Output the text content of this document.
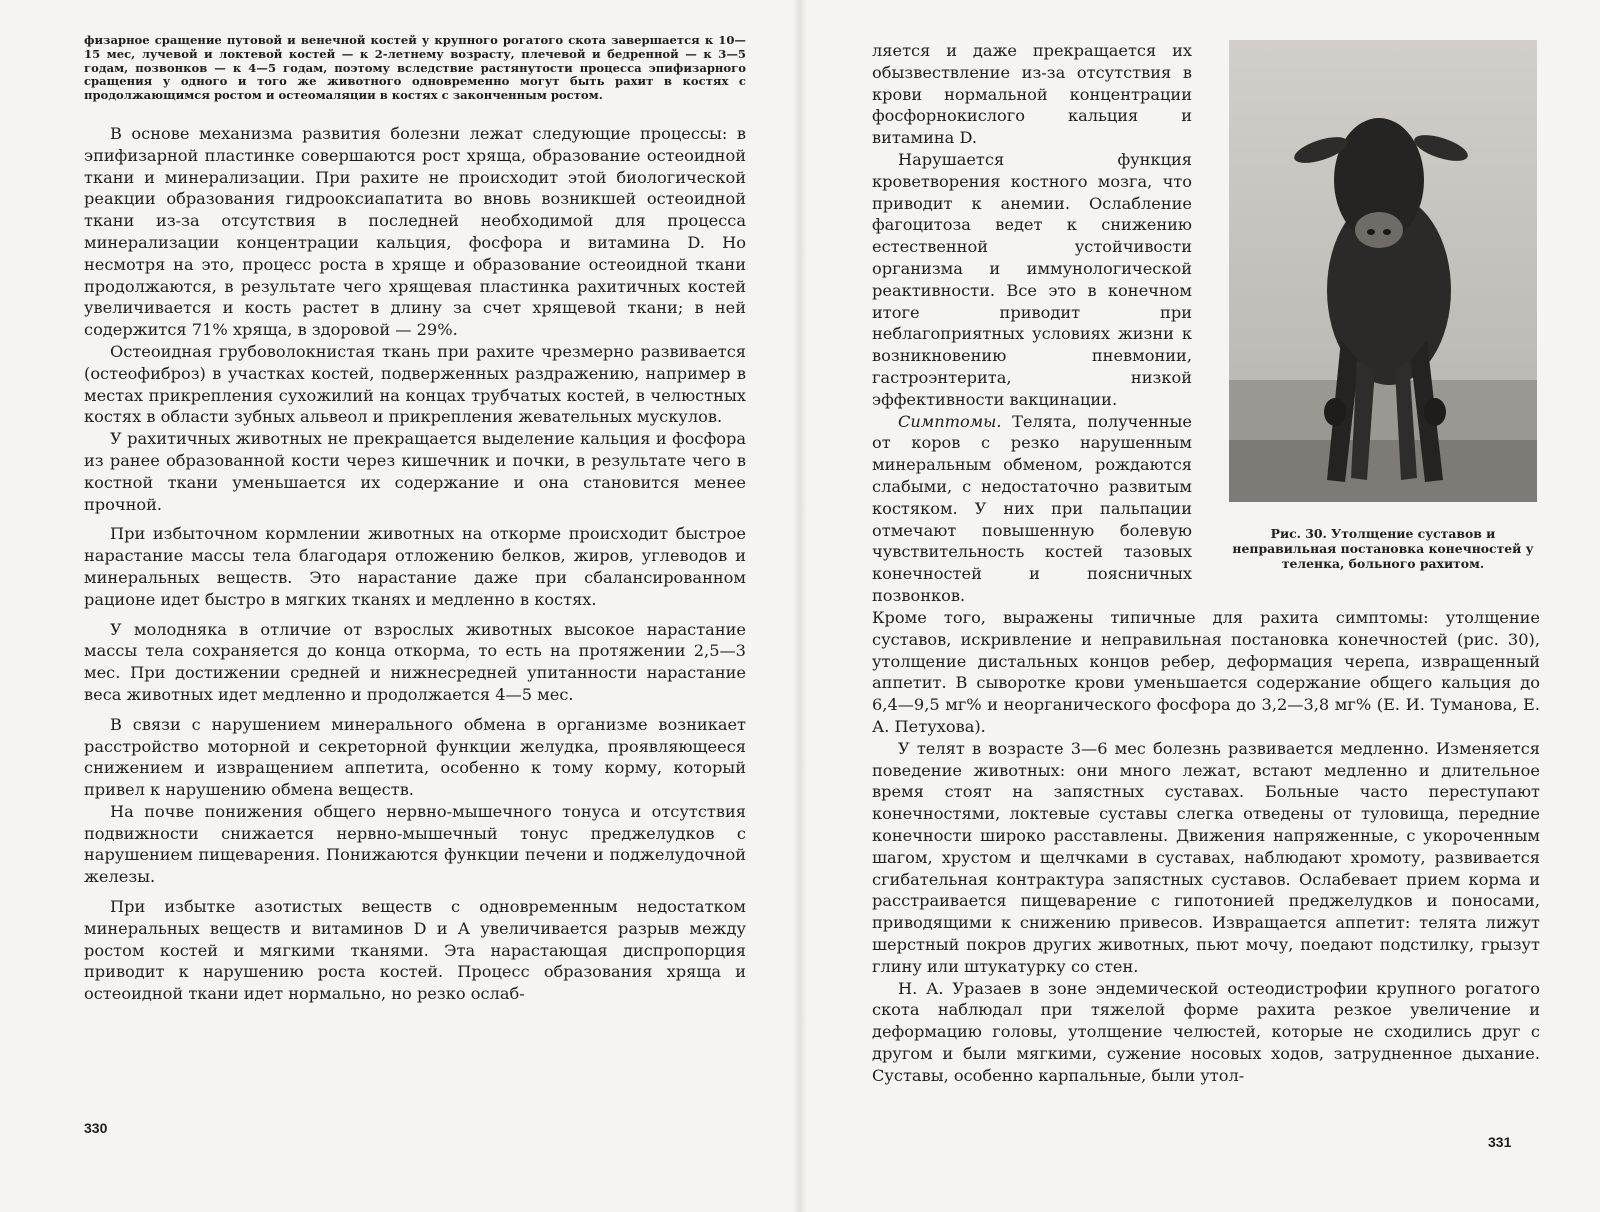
физарное сращение путовой и венечной костей у крупного рогатого скота завершается к 10—15 мес, лучевой и локтевой костей — к 2-летнему возрасту, плечевой и бедренной — к 3—5 годам, позвонков — к 4—5 годам, поэтому вследствие растянутости процесса эпифизарного сращения у одного и того же животного одновременно могут быть рахит в костях с продолжающимся ростом и остеомаляции в костях с законченным ростом.

В основе механизма развития болезни лежат следующие процессы: в эпифизарной пластинке совершаются рост хряща, образование остеоидной ткани и минерализации. При рахите не происходит этой биологической реакции образования гидрооксиапатита во вновь возникшей остеоидной ткани из-за отсутствия в последней необходимой для процесса минерализации концентрации кальция, фосфора и витамина D. Но несмотря на это, процесс роста в хряще и образование остеоидной ткани продолжаются, в результате чего хрящевая пластинка рахитичных костей увеличивается и кость растет в длину за счет хрящевой ткани; в ней содержится 71% хряща, в здоровой — 29%.

Остеоидная грубоволокнистая ткань при рахите чрезмерно развивается (остеофиброз) в участках костей, подверженных раздражению, например в местах прикрепления сухожилий на концах трубчатых костей, в челюстных костях в области зубных альвеол и прикрепления жевательных мускулов.

У рахитичных животных не прекращается выделение кальция и фосфора из ранее образованной кости через кишечник и почки, в результате чего в костной ткани уменьшается их содержание и она становится менее прочной.

При избыточном кормлении животных на откорме происходит быстрое нарастание массы тела благодаря отложению белков, жиров, углеводов и минеральных веществ. Это нарастание даже при сбалансированном рационе идет быстро в мягких тканях и медленно в костях.

У молодняка в отличие от взрослых животных высокое нарастание массы тела сохраняется до конца откорма, то есть на протяжении 2,5—3 мес. При достижении средней и нижнесредней упитанности нарастание веса животных идет медленно и продолжается 4—5 мес.

В связи с нарушением минерального обмена в организме возникает расстройство моторной и секреторной функции желудка, проявляющееся снижением и извращением аппетита, особенно к тому корму, который привел к нарушению обмена веществ.

На почве понижения общего нервно-мышечного тонуса и отсутствия подвижности снижается нервно-мышечный тонус преджелудков с нарушением пищеварения. Понижаются функции печени и поджелудочной железы.

При избытке азотистых веществ с одновременным недостатком минеральных веществ и витаминов D и А увеличивается разрыв между ростом костей и мягкими тканями. Эта нарастающая диспропорция приводит к нарушению роста костей. Процесс образования хряща и остеоидной ткани идет нормально, но резко ослаб-

330

ляется и даже прекращается их обызвествление из-за отсутствия в крови нормальной концентрации фосфорнокислого кальция и витамина D.

Нарушается функция кроветворения костного мозга, что приводит к анемии. Ослабление фагоцитоза ведет к снижению естественной устойчивости организма и иммунологической реактивности. Все это в конечном итоге приводит при неблагоприятных условиях жизни к возникновению пневмонии, гастроэнтерита, низкой эффективности вакцинации.

Симптомы. Телята, полученные от коров с резко нарушенным минеральным обменом, рождаются слабыми, с недостаточно развитым костяком. У них при пальпации отмечают повышенную болевую чувствительность костей тазовых конечностей и поясничных позвонков.

Рис. 30. Утолщение суставов и неправильная постановка конечностей у теленка, больного рахитом.

Кроме того, выражены типичные для рахита симптомы: утолщение суставов, искривление и неправильная постановка конечностей (рис. 30), утолщение дистальных концов ребер, деформация черепа, извращенный аппетит. В сыворотке крови уменьшается содержание общего кальция до 6,4—9,5 мг% и неорганического фосфора до 3,2—3,8 мг% (Е. И. Туманова, Е. А. Петухова).

У телят в возрасте 3—6 мес болезнь развивается медленно. Изменяется поведение животных: они много лежат, встают медленно и длительное время стоят на запястных суставах. Больные часто переступают конечностями, локтевые суставы слегка отведены от туловища, передние конечности широко расставлены. Движения напряженные, с укороченным шагом, хрустом и щелчками в суставах, наблюдают хромоту, развивается сгибательная контрактура запястных суставов. Ослабевает прием корма и расстраивается пищеварение с гипотонией преджелудков и поносами, приводящими к снижению привесов. Извращается аппетит: телята лижут шерстный покров других животных, пьют мочу, поедают подстилку, грызут глину или штукатурку со стен.

Н. А. Уразаев в зоне эндемической остеодистрофии крупного рогатого скота наблюдал при тяжелой форме рахита резкое увеличение и деформацию головы, утолщение челюстей, которые не сходились друг с другом и были мягкими, сужение носовых ходов, затрудненное дыхание. Суставы, особенно карпальные, были утол-

331
